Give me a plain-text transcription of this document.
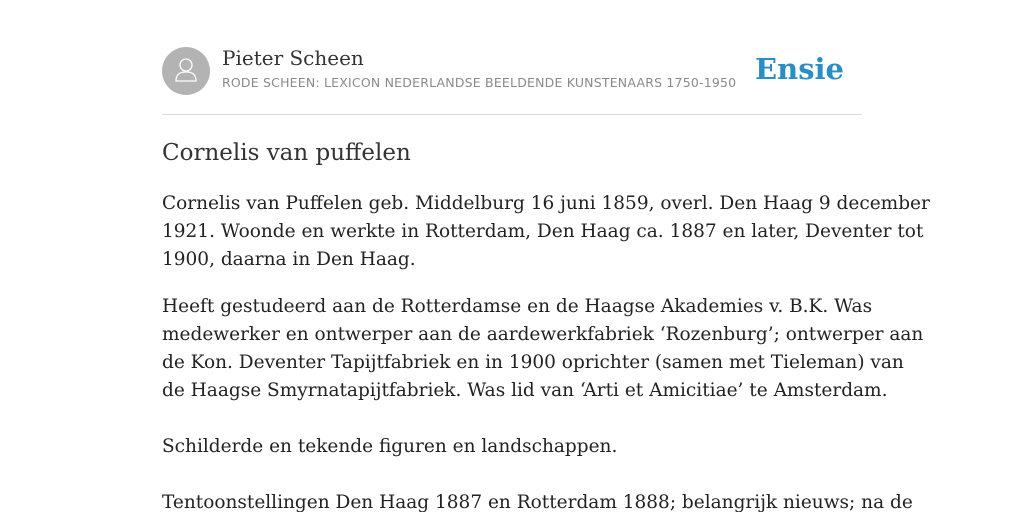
Pieter Scheen
RODE SCHEEN: LEXICON NEDERLANDSE BEELDENDE KUNSTENAARS 1750-1950 Ensie
Cornelis van puffelen

Cornelis van Puffelen geb. Middelburg 16 juni 1859, overl. Den Haag 9 december
1921. Woonde en werkte in Rotterdam, Den Haag ca. 1887 en later, Deventer tot
1900, daarna in Den Haag.

Heeft gestudeerd aan de Rotterdamse en de Haagse Akademies v. B.K. Was
medewerker en ontwerper aan de aardewerkfabriek ‘Rozenburg’; ontwerper aan
de Kon. Deventer Tapijtfabriek en in 1900 oprichter (samen met Tieleman) van
de Haagse Smyrnatapijtfabriek. Was lid van ‘Arti et Amicitiae’ te Amsterdam.

Schilderde en tekende figuren en landschappen.

Tentoonstellingen Den Haag 1887 en Rotterdam 1888; belangrijk nieuws; na de
